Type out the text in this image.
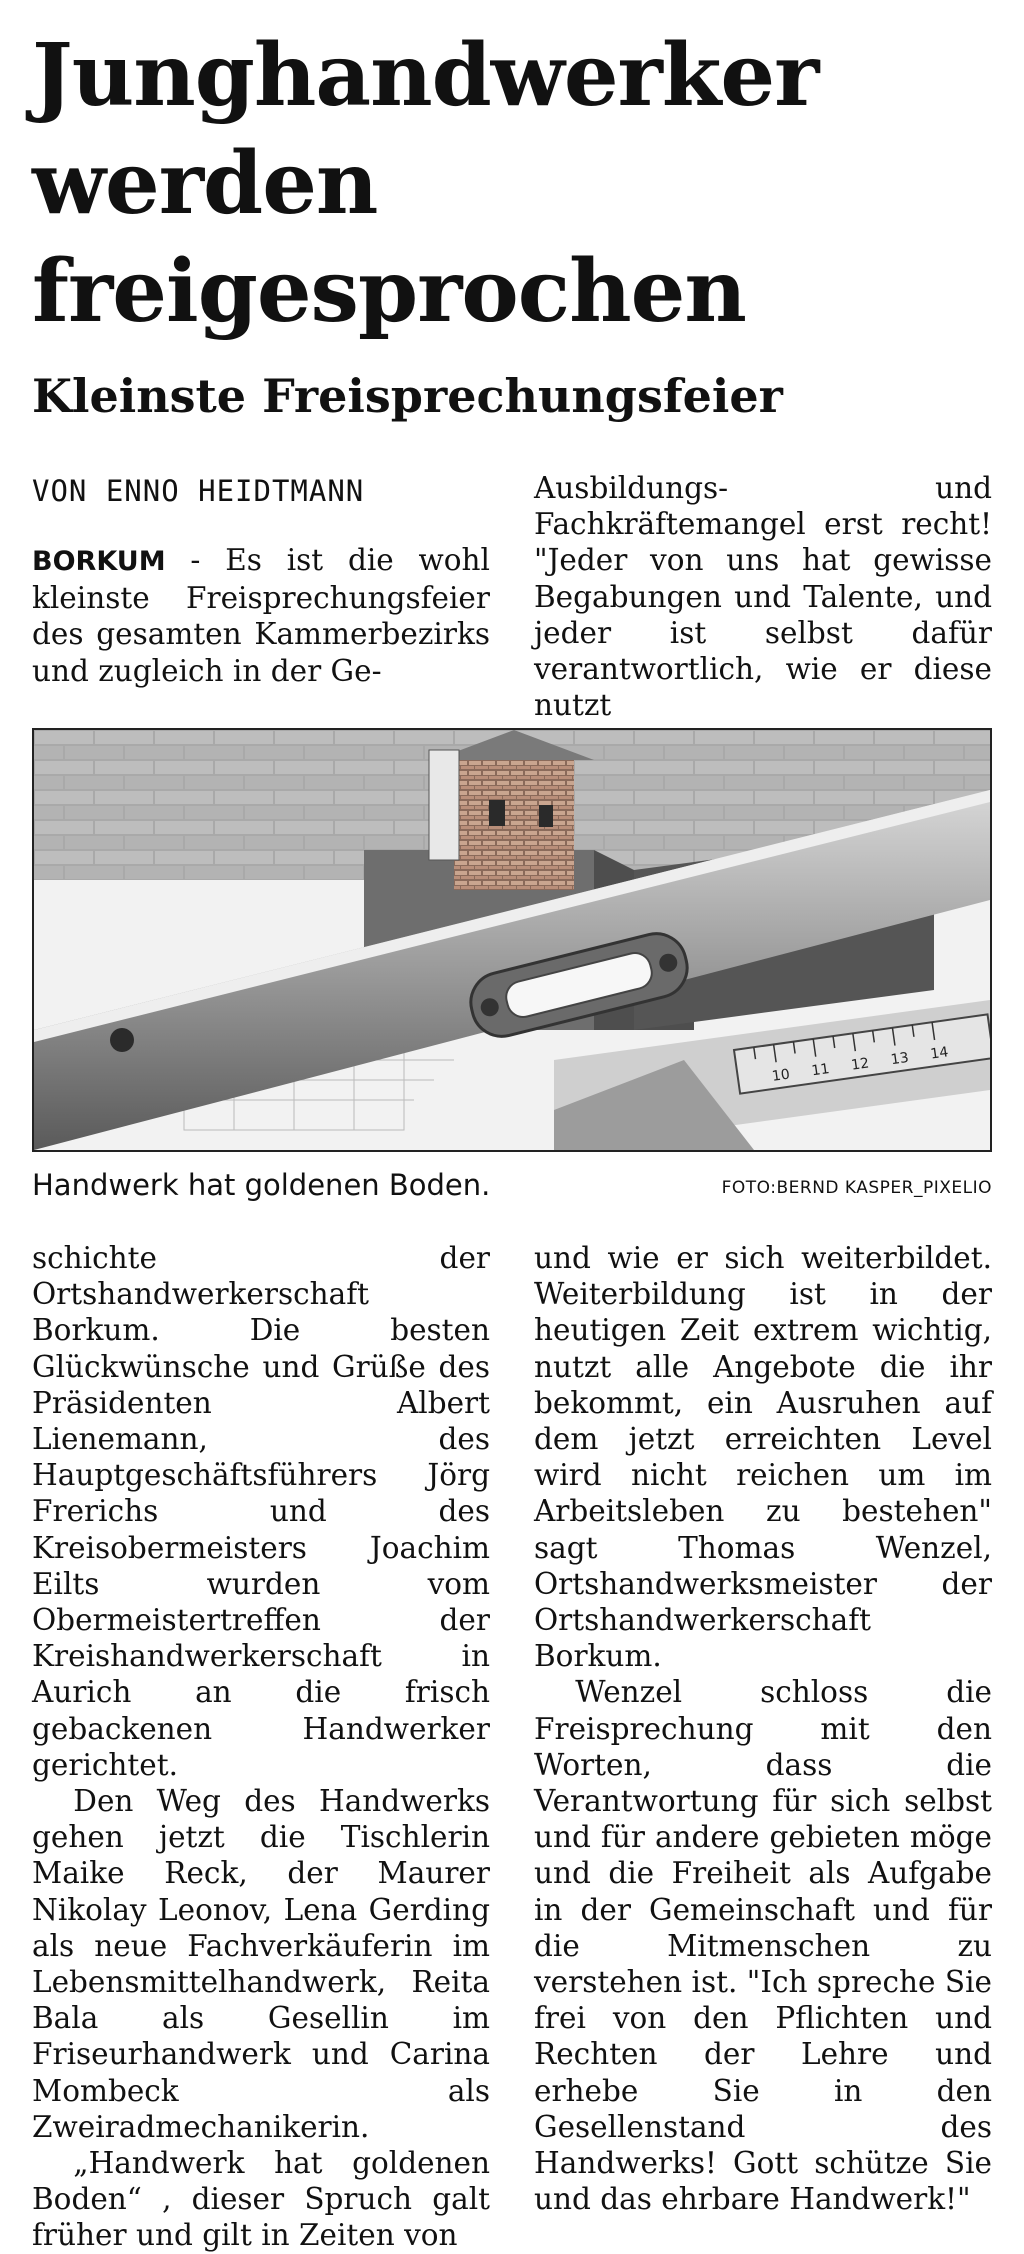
Junghandwerker
werden
freigesprochen
Kleinste Freisprechungsfeier
VON ENNO HEIDTMANN

BORKUM - Es ist die wohl kleinste Freisprechungsfeier des gesamten Kammerbezirks und zugleich in der Ge-

Ausbildungs- und Fachkräftemangel erst recht! "Jeder von uns hat gewisse Begabungen und Talente, und jeder ist selbst dafür verantwortlich, wie er diese nutzt

10 11 12 13 14
Handwerk hat goldenen Boden.	FOTO:BERND KASPER_PIXELIO

schichte der Ortshandwerkerschaft Borkum. Die besten Glückwünsche und Grüße des Präsidenten Albert Lienemann, des Hauptgeschäftsführers Jörg Frerichs und des Kreisobermeisters Joachim Eilts wurden vom Obermeistertreffen der Kreishandwerkerschaft in Aurich an die frisch gebackenen Handwerker gerichtet.

Den Weg des Handwerks gehen jetzt die Tischlerin Maike Reck, der Maurer Nikolay Leonov, Lena Gerding als neue Fachverkäuferin im Lebensmittelhandwerk, Reita Bala als Gesellin im Friseurhandwerk und Carina Mombeck als Zweiradmechanikerin.

„Handwerk hat goldenen Boden“ , dieser Spruch galt früher und gilt in Zeiten von

und wie er sich weiterbildet. Weiterbildung ist in der heutigen Zeit extrem wichtig, nutzt alle Angebote die ihr bekommt, ein Ausruhen auf dem jetzt erreichten Level wird nicht reichen um im Arbeitsleben zu bestehen" sagt Thomas Wenzel, Ortshandwerksmeister der Ortshandwerkerschaft Borkum.

Wenzel schloss die Freisprechung mit den Worten, dass die Verantwortung für sich selbst und für andere gebieten möge und die Freiheit als Aufgabe in der Gemeinschaft und für die Mitmenschen zu verstehen ist. "Ich spreche Sie frei von den Pflichten und Rechten der Lehre und erhebe Sie in den Gesellenstand des Handwerks! Gott schütze Sie und das ehrbare Handwerk!"
